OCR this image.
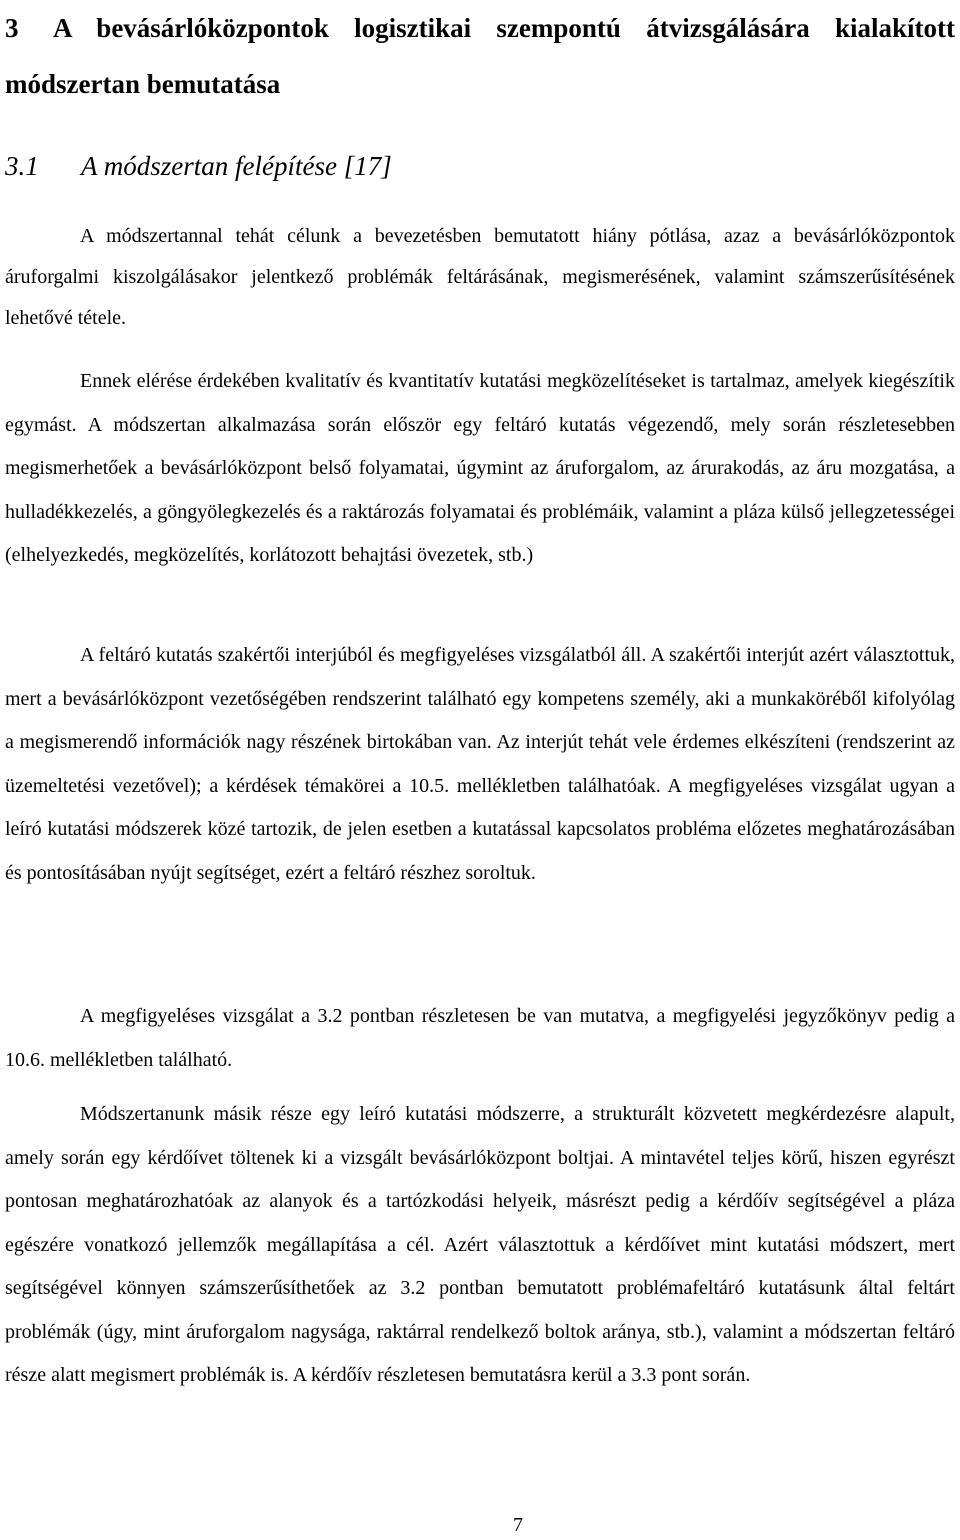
3 A bevásárlóközpontok logisztikai szempontú átvizsgálására kialakított módszertan bemutatása
3.1 A módszertan felépítése [17]

A módszertannal tehát célunk a bevezetésben bemutatott hiány pótlása, azaz a bevásárlóközpontok áruforgalmi kiszolgálásakor jelentkező problémák feltárásának, megismerésének, valamint számszerűsítésének lehetővé tétele.

Ennek elérése érdekében kvalitatív és kvantitatív kutatási megközelítéseket is tartalmaz, amelyek kiegészítik egymást. A módszertan alkalmazása során először egy feltáró kutatás végezendő, mely során részletesebben megismerhetőek a bevásárlóközpont belső folyamatai, úgymint az áruforgalom, az árurakodás, az áru mozgatása, a hulladékkezelés, a göngyölegkezelés és a raktározás folyamatai és problémáik, valamint a pláza külső jellegzetességei (elhelyezkedés, megközelítés, korlátozott behajtási övezetek, stb.)

A feltáró kutatás szakértői interjúból és megfigyeléses vizsgálatból áll. A szakértői interjút azért választottuk, mert a bevásárlóközpont vezetőségében rendszerint található egy kompetens személy, aki a munkaköréből kifolyólag a megismerendő információk nagy részének birtokában van. Az interjút tehát vele érdemes elkészíteni (rendszerint az üzemeltetési vezetővel); a kérdések témakörei a 10.5. mellékletben találhatóak. A megfigyeléses vizsgálat ugyan a leíró kutatási módszerek közé tartozik, de jelen esetben a kutatással kapcsolatos probléma előzetes meghatározásában és pontosításában nyújt segítséget, ezért a feltáró részhez soroltuk.

A megfigyeléses vizsgálat a 3.2 pontban részletesen be van mutatva, a megfigyelési jegyzőkönyv pedig a 10.6. mellékletben található.

Módszertanunk másik része egy leíró kutatási módszerre, a strukturált közvetett megkérdezésre alapult, amely során egy kérdőívet töltenek ki a vizsgált bevásárlóközpont boltjai. A mintavétel teljes körű, hiszen egyrészt pontosan meghatározhatóak az alanyok és a tartózkodási helyeik, másrészt pedig a kérdőív segítségével a pláza egészére vonatkozó jellemzők megállapítása a cél. Azért választottuk a kérdőívet mint kutatási módszert, mert segítségével könnyen számszerűsíthetőek az 3.2 pontban bemutatott problémafeltáró kutatásunk által feltárt problémák (úgy, mint áruforgalom nagysága, raktárral rendelkező boltok aránya, stb.), valamint a módszertan feltáró része alatt megismert problémák is. A kérdőív részletesen bemutatásra kerül a 3.3 pont során.

7
